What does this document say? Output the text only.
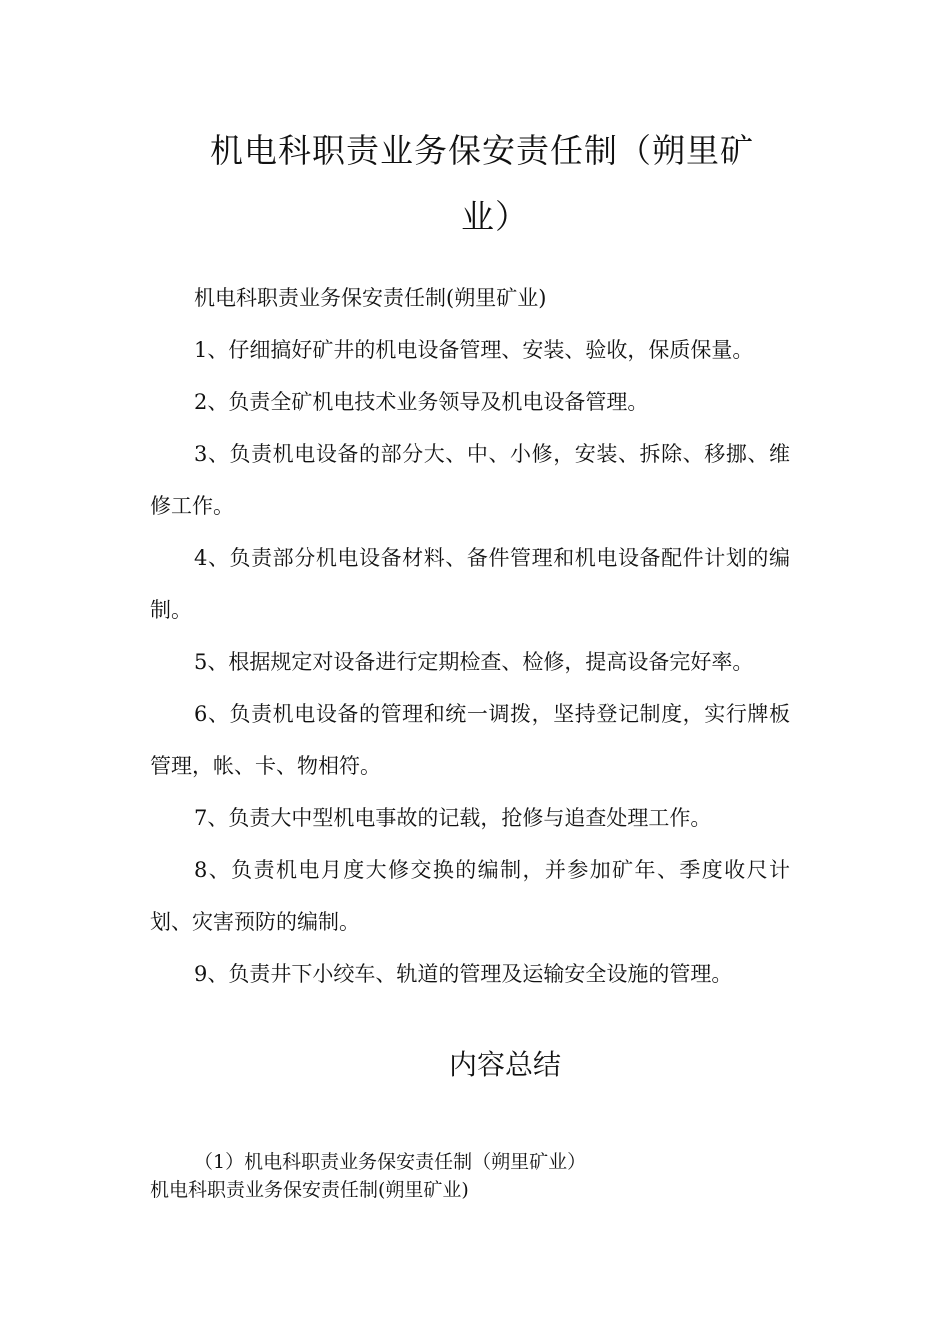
机电科职责业务保安责任制（朔里矿
业）

机电科职责业务保安责任制(朔里矿业)

1、仔细搞好矿井的机电设备管理、安装、验收，保质保量。

2、负责全矿机电技术业务领导及机电设备管理。

3、负责机电设备的部分大、中、小修，安装、拆除、移挪、维修工作。

4、负责部分机电设备材料、备件管理和机电设备配件计划的编制。

5、根据规定对设备进行定期检查、检修，提高设备完好率。

6、负责机电设备的管理和统一调拨，坚持登记制度，实行牌板管理，帐、卡、物相符。

7、负责大中型机电事故的记载，抢修与追查处理工作。

8、负责机电月度大修交换的编制，并参加矿年、季度收尺计划、灾害预防的编制。

9、负责井下小绞车、轨道的管理及运输安全设施的管理。

内容总结

（1）机电科职责业务保安责任制（朔里矿业）

机电科职责业务保安责任制(朔里矿业)
